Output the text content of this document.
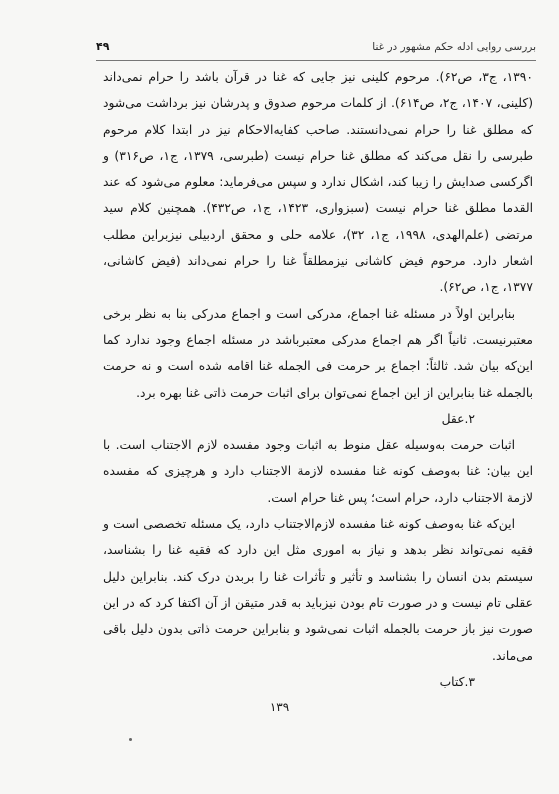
بررسی روایی ادله حکم مشهور در غنا
۴۹

۱۳۹۰، ج۳، ص۶۲). مرحوم کلینی نیز جایی که غنا در قرآن باشد را حرام نمی‌داند (کلینی، ۱۴۰۷، ج۲، ص۶۱۴). از کلمات مرحوم صدوق و پدرشان نیز برداشت می‌شود که مطلق غنا را حرام نمی‌دانستند. صاحب کفایه‌الاحکام نیز در ابتدا کلام مرحوم طبرسی را نقل می‌کند که مطلق غنا حرام نیست (طبرسی، ۱۳۷۹، ج۱، ص۳۱۶) و اگرکسی صدایش را زیبا کند، اشکال ندارد و سپس می‌فرماید: معلوم می‌شود که عند القدما مطلق غنا حرام نیست (سبزواری، ۱۴۲۳، ج۱، ص۴۳۲). همچنین کلام سید مرتضی (علم‌الهدی، ۱۹۹۸، ج۱، ۳۲)، علامه حلی و محقق اردبیلی نیزبراین مطلب اشعار دارد. مرحوم فیض کاشانی نیزمطلقاً غنا را حرام نمی‌داند (فیض کاشانی، ۱۳۷۷، ج۱، ص۶۲).

بنابراین اولاً در مسئله غنا اجماع، مدرکی است و اجماع مدرکی بنا به نظر برخی معتبرنیست. ثانیاً اگر هم اجماع مدرکی معتبرباشد در مسئله اجماع وجود ندارد کما این‌که بیان شد. ثالثاً: اجماع بر حرمت فی الجمله غنا اقامه شده است و نه حرمت بالجمله غنا بنابراین از این اجماع نمی‌توان برای اثبات حرمت ذاتی غنا بهره برد.

۲.عقل

اثبات حرمت به‌وسیله عقل منوط به اثبات وجود مفسده لازم الاجتناب است. با این بیان: غنا به‌وصف کونه غنا مفسده لازمة الاجتناب دارد و هرچیزی که مفسده لازمة الاجتناب دارد، حرام است؛ پس غنا حرام است.

این‌که غنا به‌وصف کونه غنا مفسده لازم‌الاجتناب دارد، یک مسئله تخصصی است و فقیه نمی‌تواند نظر بدهد و نیاز به اموری مثل این دارد که فقیه غنا را بشناسد، سیستم بدن انسان را بشناسد و تأثیر و تأثرات غنا را بربدن درک کند. بنابراین دلیل عقلی تام نیست و در صورت تام بودن نیزباید به قدر متیقن از آن اکتفا کرد که در این صورت نیز باز حرمت بالجمله اثبات نمی‌شود و بنابراین حرمت ذاتی بدون دلیل باقی می‌ماند.

۳.کتاب

۱۳۹
